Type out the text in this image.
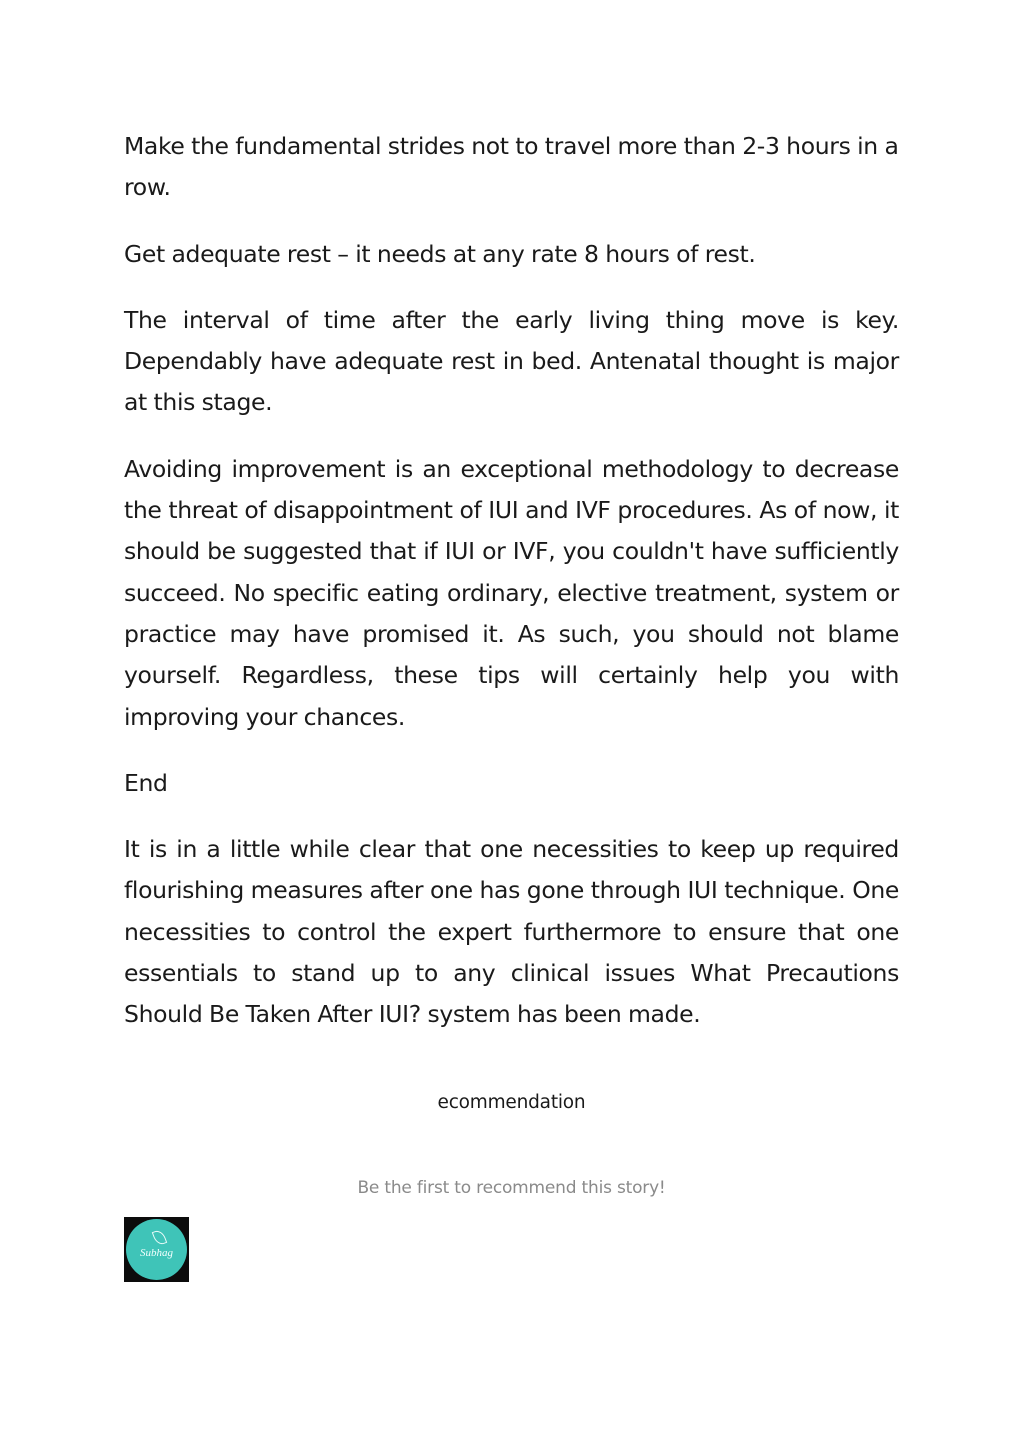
Make the fundamental strides not to travel more than 2-3 hours in a row.

Get adequate rest – it needs at any rate 8 hours of rest.

The interval of time after the early living thing move is key. Dependably have adequate rest in bed. Antenatal thought is major at this stage.

Avoiding improvement is an exceptional methodology to decrease the threat of disappointment of IUI and IVF procedures. As of now, it should be suggested that if IUI or IVF, you couldn't have sufficiently succeed. No specific eating ordinary, elective treatment, system or practice may have promised it. As such, you should not blame yourself. Regardless, these tips will certainly help you with improving your chances.

End

It is in a little while clear that one necessities to keep up required flourishing measures after one has gone through IUI technique. One necessities to control the expert furthermore to ensure that one essentials to stand up to any clinical issues What Precautions Should Be Taken After IUI? system has been made.

ecommendation
Be the first to recommend this story!
Subhag
